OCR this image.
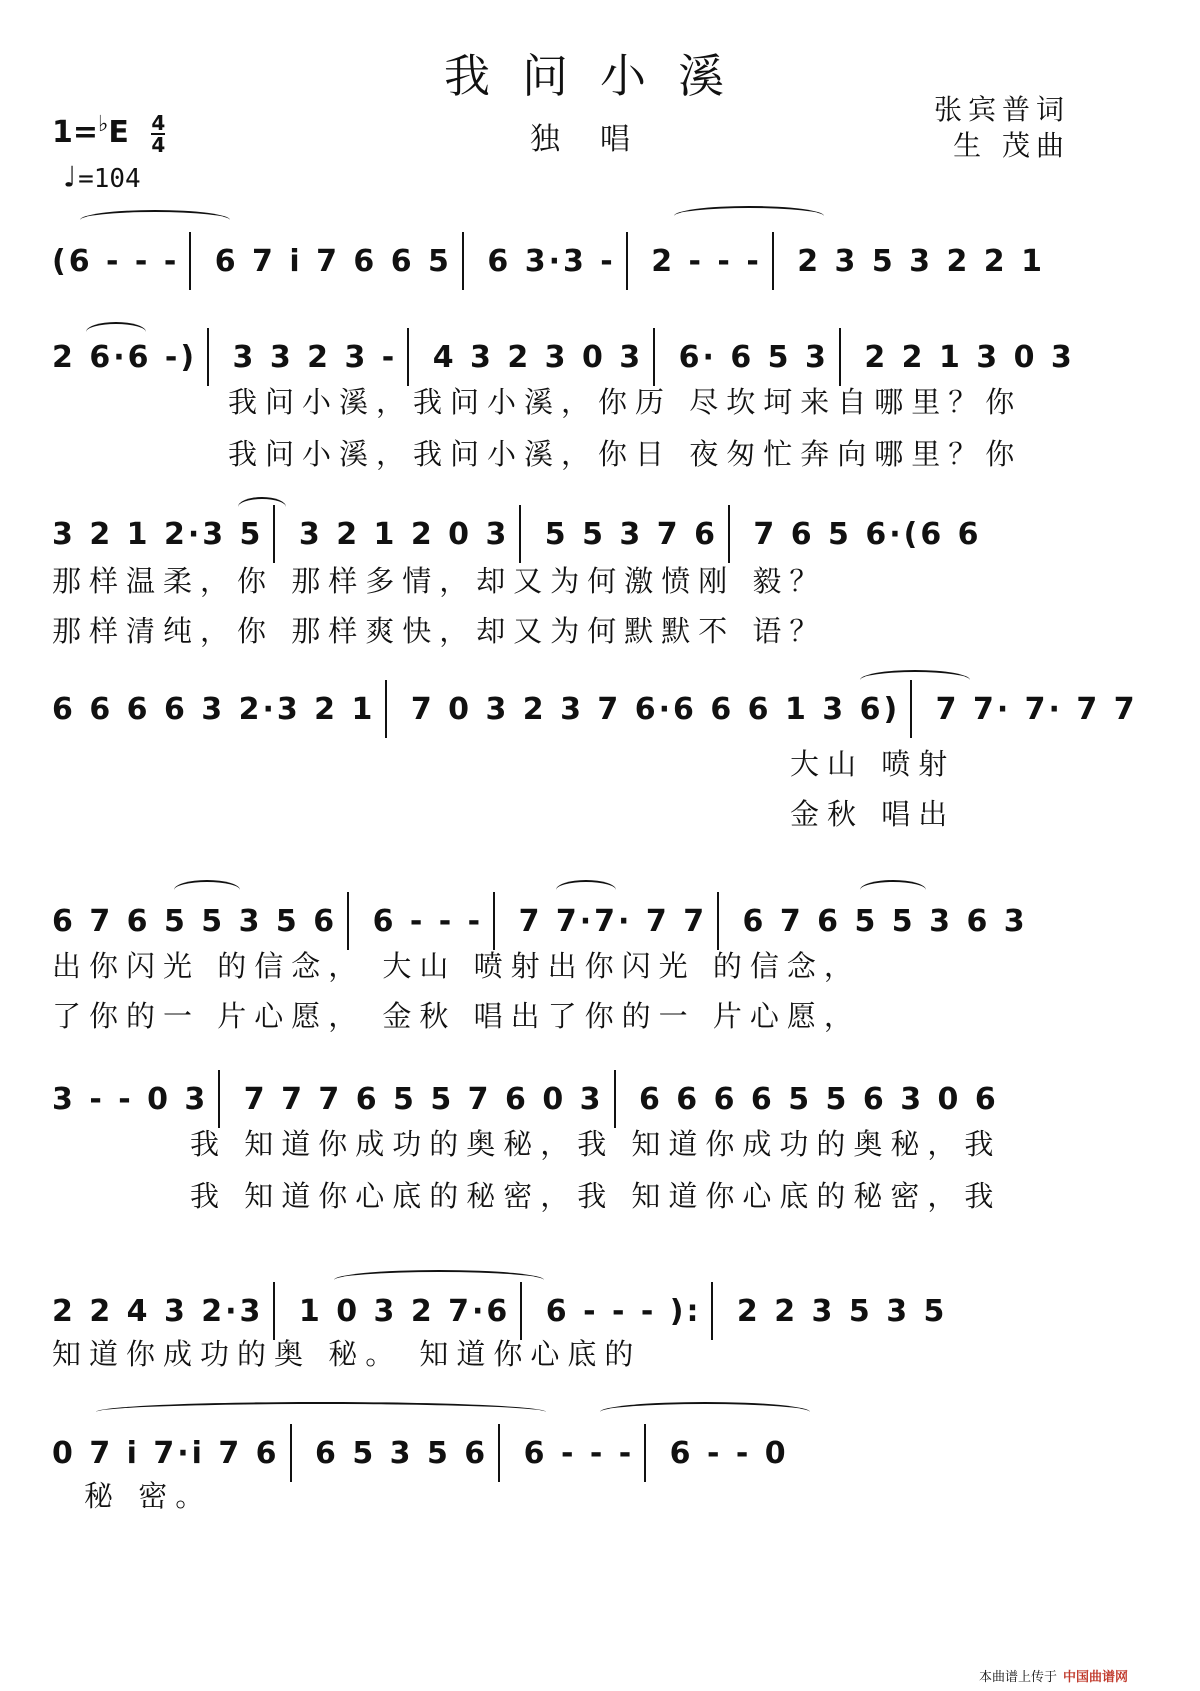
我问小溪
独唱
张宾普词
生 茂曲
$1=^♭E \frac{4}{4}$
♩=104
(6 - - - 6 7 i 7 6 6 5 6 3·3 - 2 - - - 2 3 5 3 2 2 1
2 6·6 -) 3 3 2 3 - 4 3 2 3 0 3 6· 6 5 3 2 2 1 3 0 3
我问小溪，我问小溪，你历 尽坎坷来自哪里？你
我问小溪，我问小溪，你日 夜匆忙奔向哪里？你
3 2 1 2·3 5 3 2 1 2 0 3 5 5 3 7 6 7 6 5 6·(6 6
那样温柔，你 那样多情，却又为何激愤刚 毅？
那样清纯，你 那样爽快，却又为何默默不 语？
6 6 6 6 3 2·3 2 1 7 0 3 2 3 7 6·6 6 6 1 3 6) 7 7· 7· 7 7
大山 喷射
金秋 唱出
6 7 6 5 5 3 5 6 6 - - - 7 7·7· 7 7 6 7 6 5 5 3 6 3
出你闪光 的信念， 大山 喷射出你闪光 的信念，
了你的一 片心愿， 金秋 唱出了你的一 片心愿，
3 - - 0 3 7 7 7 6 5 5 7 6 0 3 6 6 6 6 5 5 6 3 0 6
我 知道你成功的奥秘，我 知道你成功的奥秘，我
我 知道你心底的秘密，我 知道你心底的秘密，我
2 2 4 3 2·3 1 0 3 2 7·6 6 - - - ): 2 2 3 5 3 5
知道你成功的奥 秘。 知道你心底的
0 7 i 7·i 7 6 6 5 3 5 6 6 - - - 6 - - 0
秘 密。
本曲谱上传于 中国曲谱网
